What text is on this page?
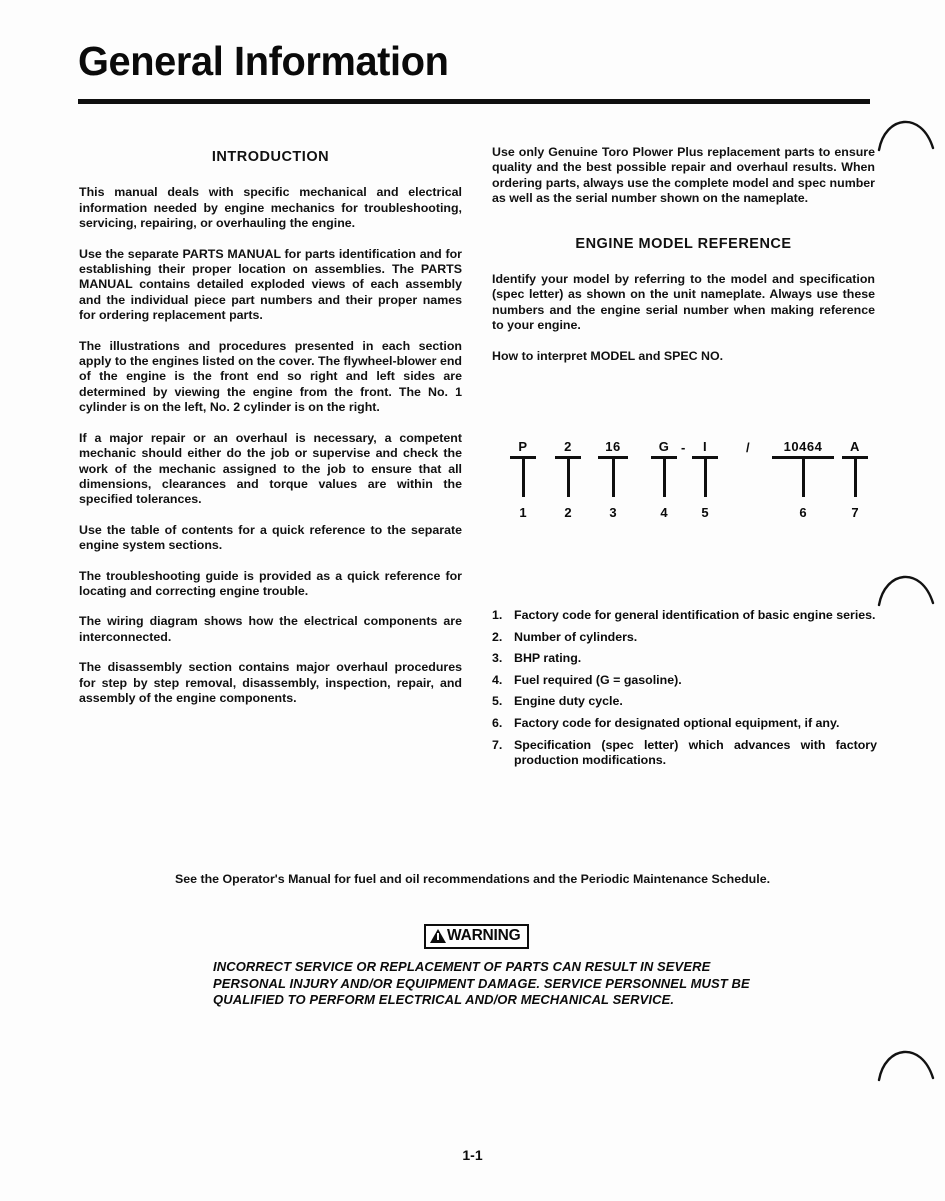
General Information
INTRODUCTION

This manual deals with specific mechanical and electrical information needed by engine mechanics for troubleshooting, servicing, repairing, or overhauling the engine.

Use the separate PARTS MANUAL for parts identification and for establishing their proper location on assemblies. The PARTS MANUAL contains detailed exploded views of each assembly and the individual piece part numbers and their proper names for ordering replacement parts.

The illustrations and procedures presented in each section apply to the engines listed on the cover. The flywheel-blower end of the engine is the front end so right and left sides are determined by viewing the engine from the front. The No. 1 cylinder is on the left, No. 2 cylinder is on the right.

If a major repair or an overhaul is necessary, a competent mechanic should either do the job or supervise and check the work of the mechanic assigned to the job to ensure that all dimensions, clearances and torque values are within the specified tolerances.

Use the table of contents for a quick reference to the separate engine system sections.

The troubleshooting guide is provided as a quick reference for locating and correcting engine trouble.

The wiring diagram shows how the electrical components are interconnected.

The disassembly section contains major overhaul procedures for step by step removal, disassembly, inspection, repair, and assembly of the engine components.

Use only Genuine Toro Plower Plus replacement parts to ensure quality and the best possible repair and overhaul results. When ordering parts, always use the complete model and spec number as well as the serial number shown on the nameplate.

ENGINE MODEL REFERENCE

Identify your model by referring to the model and specification (spec letter) as shown on the unit nameplate. Always use these numbers and the engine serial number when making reference to your engine.

How to interpret MODEL and SPEC NO.

P
1
2
2
16
3
G
4
I
5
10464
6
A
7
-	/
1. Factory code for general identification of basic engine series.
2. Number of cylinders.
3. BHP rating.
4. Fuel required (G = gasoline).
5. Engine duty cycle.
6. Factory code for designated optional equipment, if any.
7. Specification (spec letter) which advances with factory production modifications.
See the Operator's Manual for fuel and oil recommendations and the Periodic Maintenance Schedule.
WARNING
INCORRECT SERVICE OR REPLACEMENT OF PARTS CAN RESULT IN SEVERE PERSONAL INJURY AND/OR EQUIPMENT DAMAGE. SERVICE PERSONNEL MUST BE QUALIFIED TO PERFORM ELECTRICAL AND/OR MECHANICAL SERVICE.
1-1
